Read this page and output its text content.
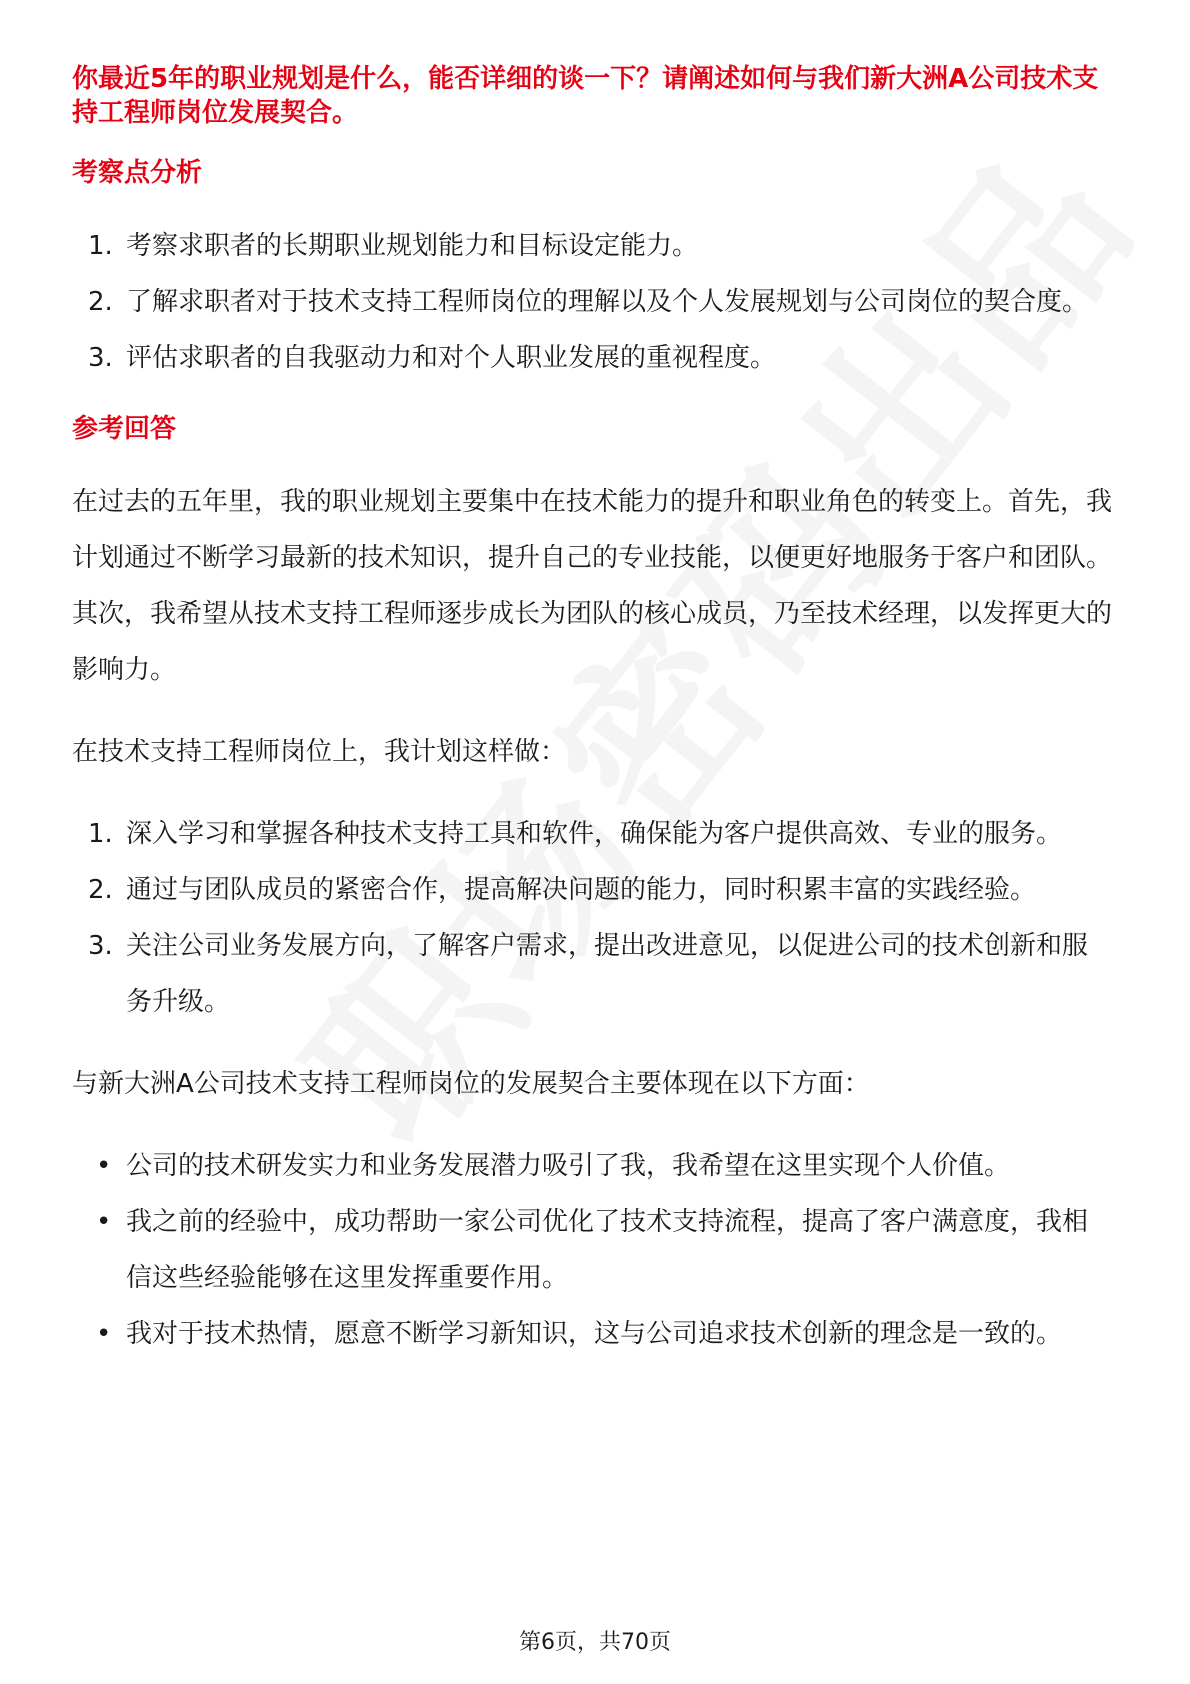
你最近5年的职业规划是什么，能否详细的谈一下？请阐述如何与我们新大洲A公司技术支持工程师岗位发展契合。
考察点分析
1. 考察求职者的长期职业规划能力和目标设定能力。
2. 了解求职者对于技术支持工程师岗位的理解以及个人发展规划与公司岗位的契合度。
3. 评估求职者的自我驱动力和对个人职业发展的重视程度。
参考回答
在过去的五年里，我的职业规划主要集中在技术能力的提升和职业角色的转变上。首先，我计划通过不断学习最新的技术知识，提升自己的专业技能，以便更好地服务于客户和团队。其次，我希望从技术支持工程师逐步成长为团队的核心成员，乃至技术经理，以发挥更大的影响力。
在技术支持工程师岗位上，我计划这样做：
1. 深入学习和掌握各种技术支持工具和软件，确保能为客户提供高效、专业的服务。
2. 通过与团队成员的紧密合作，提高解决问题的能力，同时积累丰富的实践经验。
3. 关注公司业务发展方向，了解客户需求，提出改进意见，以促进公司的技术创新和服务升级。
与新大洲A公司技术支持工程师岗位的发展契合主要体现在以下方面：
• 公司的技术研发实力和业务发展潜力吸引了我，我希望在这里实现个人价值。
• 我之前的经验中，成功帮助一家公司优化了技术支持流程，提高了客户满意度，我相信这些经验能够在这里发挥重要作用。
• 我对于技术热情，愿意不断学习新知识，这与公司追求技术创新的理念是一致的。
第6页，共70页
